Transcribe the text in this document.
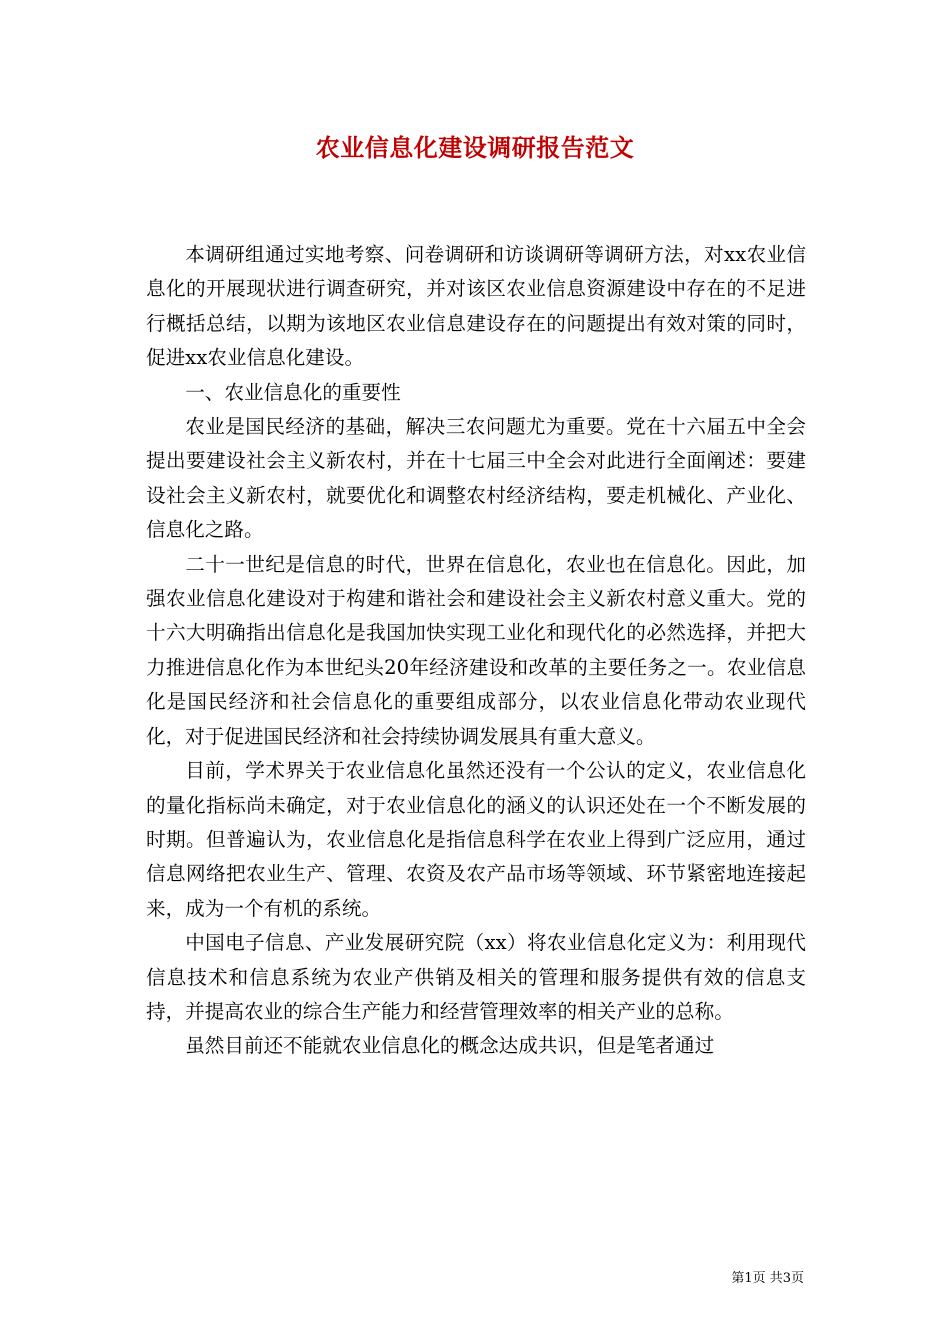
农业信息化建设调研报告范文

本调研组通过实地考察、问卷调研和访谈调研等调研方法，对xx农业信息化的开展现状进行调查研究，并对该区农业信息资源建设中存在的不足进行概括总结，以期为该地区农业信息建设存在的问题提出有效对策的同时，促进xx农业信息化建设。

一、农业信息化的重要性

农业是国民经济的基础，解决三农问题尤为重要。党在十六届五中全会提出要建设社会主义新农村，并在十七届三中全会对此进行全面阐述：要建设社会主义新农村，就要优化和调整农村经济结构，要走机械化、产业化、信息化之路。

二十一世纪是信息的时代，世界在信息化，农业也在信息化。因此，加强农业信息化建设对于构建和谐社会和建设社会主义新农村意义重大。党的十六大明确指出信息化是我国加快实现工业化和现代化的必然选择，并把大力推进信息化作为本世纪头20年经济建设和改革的主要任务之一。农业信息化是国民经济和社会信息化的重要组成部分，以农业信息化带动农业现代化，对于促进国民经济和社会持续协调发展具有重大意义。

目前，学术界关于农业信息化虽然还没有一个公认的定义，农业信息化的量化指标尚未确定，对于农业信息化的涵义的认识还处在一个不断发展的时期。但普遍认为，农业信息化是指信息科学在农业上得到广泛应用，通过信息网络把农业生产、管理、农资及农产品市场等领域、环节紧密地连接起来，成为一个有机的系统。

中国电子信息、产业发展研究院（xx）将农业信息化定义为：利用现代信息技术和信息系统为农业产供销及相关的管理和服务提供有效的信息支持，并提高农业的综合生产能力和经营管理效率的相关产业的总称。

虽然目前还不能就农业信息化的概念达成共识，但是笔者通过

第1页 共3页
